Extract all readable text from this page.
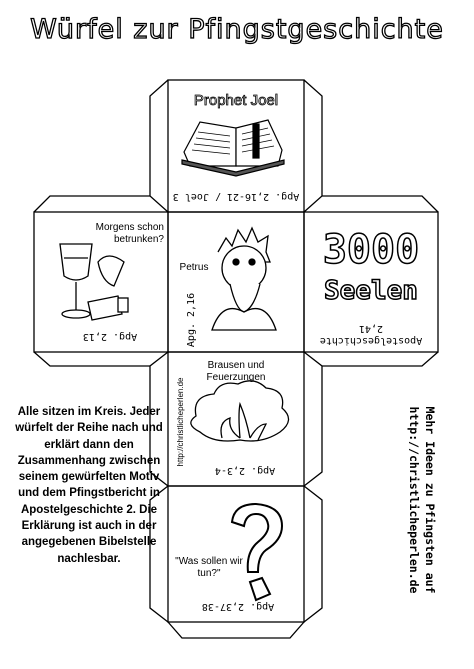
Würfel zur Pfingstgeschichte
Prophet Joel
Apg. 2,16-21 / Joel 3
Morgens schon betrunken?
Apg. 2,13
Petrus
Apg. 2,16
3000
Seelen
Apostelgeschichte 2,41
Brausen und Feuerzungen
Apg. 2,3-4
http://christlicheperlen.de
"Was sollen wir tun?"
Apg. 2,37-38
Alle sitzen im Kreis. Jeder würfelt der Reihe nach und erklärt dann den Zusammenhang zwischen seinem gewürfelten Motiv und dem Pfingstbericht in Apostelgeschichte 2. Die Erklärung ist auch in der angegebenen Bibelstelle nachlesbar.	Mehr Ideen zu Pfingsten auf
http://christlicheperlen.de
